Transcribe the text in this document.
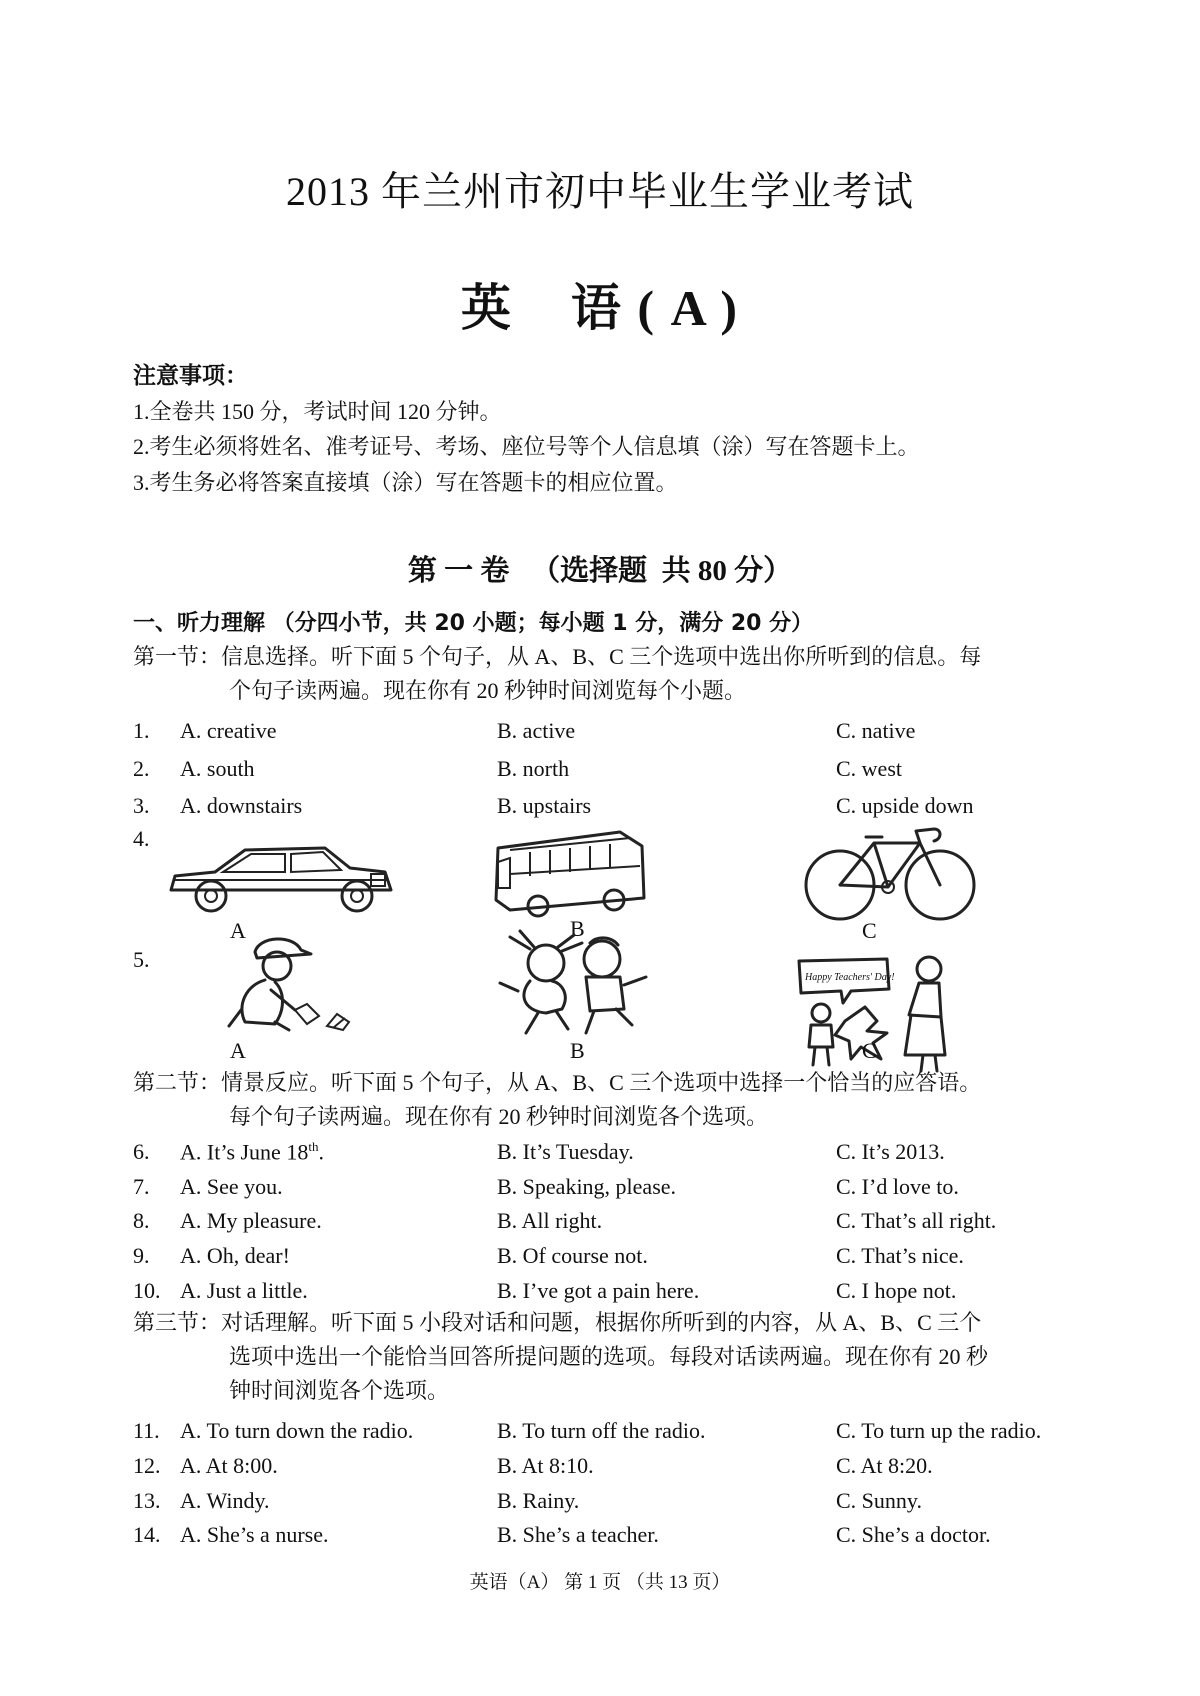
2013 年兰州市初中毕业生学业考试
英    语 ( A )
注意事项：
1.全卷共 150 分，考试时间 120 分钟。
2.考生必须将姓名、准考证号、考场、座位号等个人信息填（涂）写在答题卡上。
3.考生务必将答案直接填（涂）写在答题卡的相应位置。
第 一 卷   （选择题  共 80 分）
一、听力理解 （分四小节，共 20 小题；每小题 1 分，满分 20 分）
第一节：信息选择。听下面 5 个句子，从 A、B、C 三个选项中选出你所听到的信息。每
个句子读两遍。现在你有 20 秒钟时间浏览每个小题。
1. A. creative	B. active	C. native
2. A. south	B. north	C. west
3. A. downstairs	B. upstairs	C. upside down
4.
A	B	C
5.
Happy Teachers' Day!
A	B	C
第二节：情景反应。听下面 5 个句子，从 A、B、C 三个选项中选择一个恰当的应答语。
每个句子读两遍。现在你有 20 秒钟时间浏览各个选项。
6. A. It’s June 18th.	B. It’s Tuesday.	C. It’s 2013.
7. A. See you.	B. Speaking, please.	C. I’d love to.
8. A. My pleasure.	B. All right.	C. That’s all right.
9. A. Oh, dear!	B. Of course not.	C. That’s nice.
10. A. Just a little.	B. I’ve got a pain here.	C. I hope not.
第三节：对话理解。听下面 5 小段对话和问题，根据你所听到的内容，从 A、B、C 三个
选项中选出一个能恰当回答所提问题的选项。每段对话读两遍。现在你有 20 秒
钟时间浏览各个选项。
11. A. To turn down the radio.	B. To turn off the radio.	C. To turn up the radio.
12. A. At 8:00.	B. At 8:10.	C. At 8:20.
13. A. Windy.	B. Rainy.	C. Sunny.
14. A. She’s a nurse.	B. She’s a teacher.	C. She’s a doctor.
英语（A） 第 1 页 （共 13 页）
